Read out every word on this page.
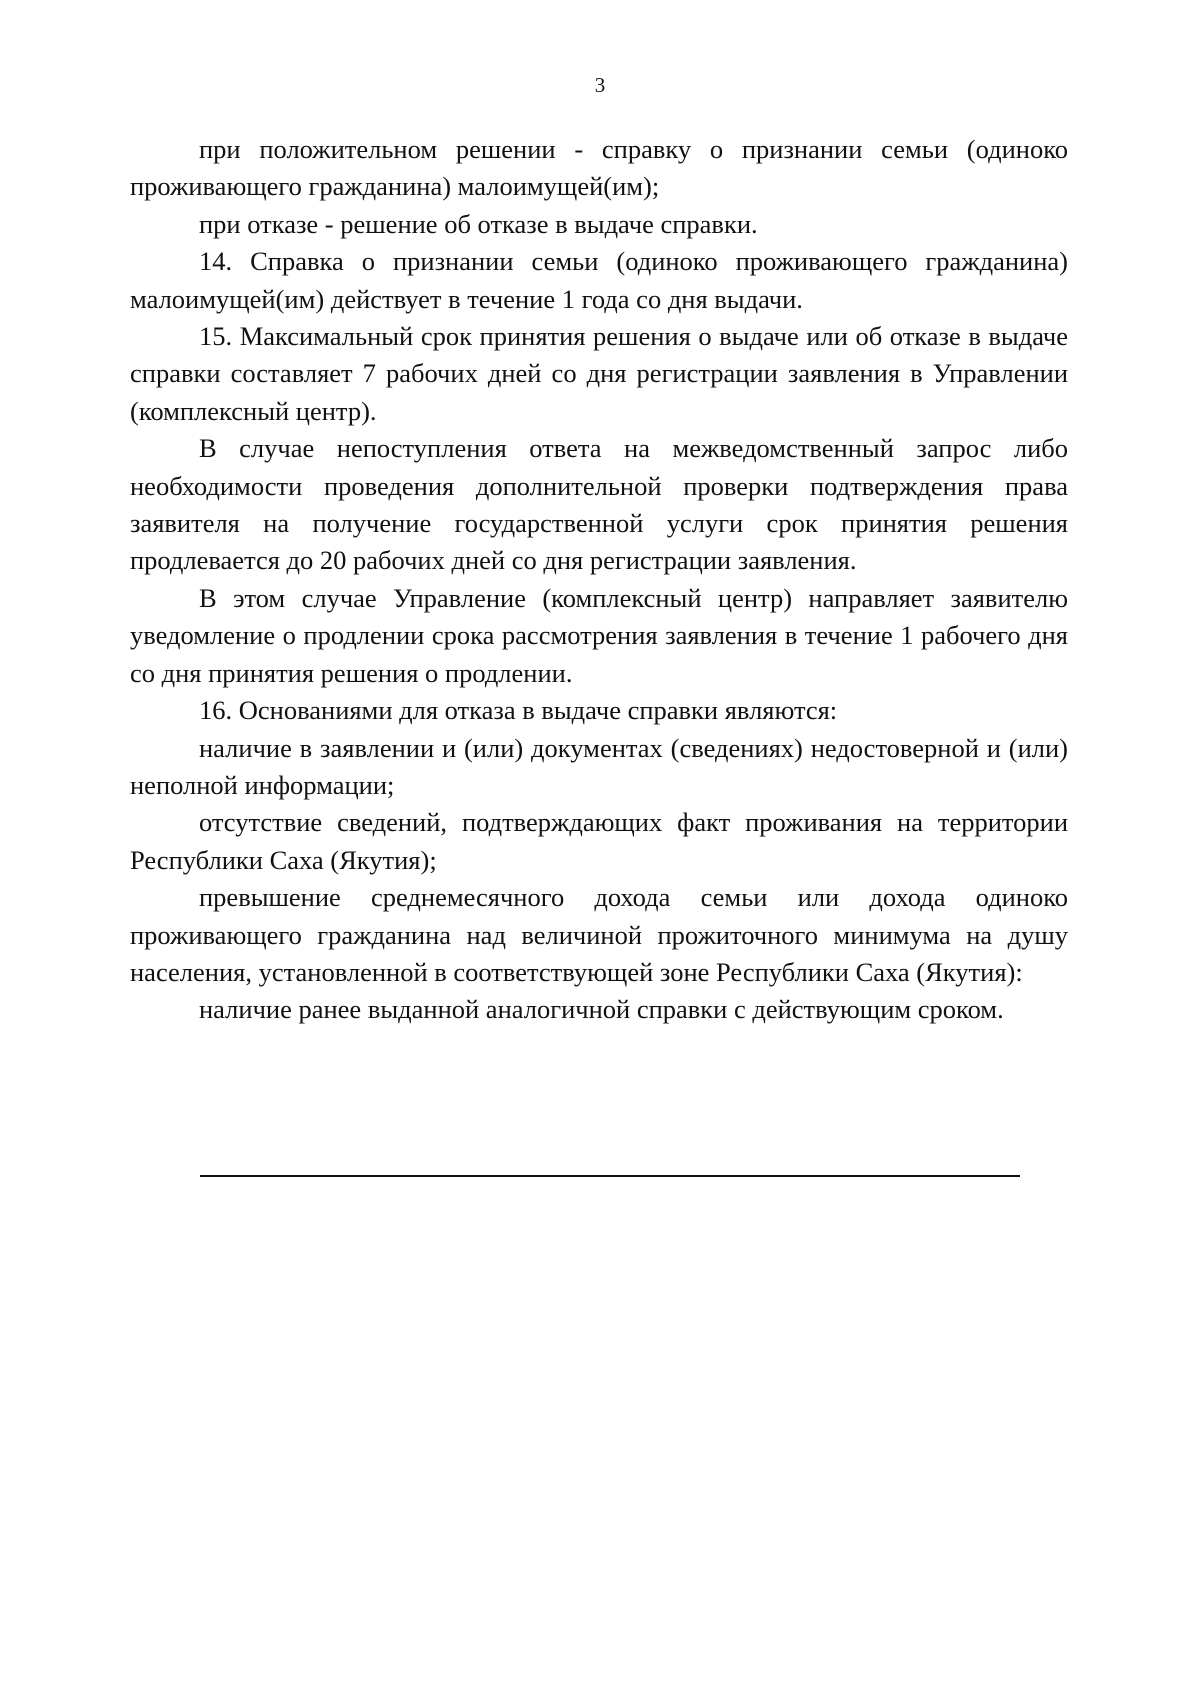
3

при положительном решении - справку о признании семьи (одиноко проживающего гражданина) малоимущей(им);

при отказе - решение об отказе в выдаче справки.

14. Справка о признании семьи (одиноко проживающего гражданина) малоимущей(им) действует в течение 1 года со дня выдачи.

15. Максимальный срок принятия решения о выдаче или об отказе в выдаче справки составляет 7 рабочих дней со дня регистрации заявления в Управлении (комплексный центр).

В случае непоступления ответа на межведомственный запрос либо необходимости проведения дополнительной проверки подтверждения права заявителя на получение государственной услуги срок принятия решения продлевается до 20 рабочих дней со дня регистрации заявления.

В этом случае Управление (комплексный центр) направляет заявителю уведомление о продлении срока рассмотрения заявления в течение 1 рабочего дня со дня принятия решения о продлении.

16. Основаниями для отказа в выдаче справки являются:

наличие в заявлении и (или) документах (сведениях) недостоверной и (или) неполной информации;

отсутствие сведений, подтверждающих факт проживания на территории Республики Саха (Якутия);

превышение среднемесячного дохода семьи или дохода одиноко проживающего гражданина над величиной прожиточного минимума на душу населения, установленной в соответствующей зоне Республики Саха (Якутия):

наличие ранее выданной аналогичной справки с действующим сроком.
